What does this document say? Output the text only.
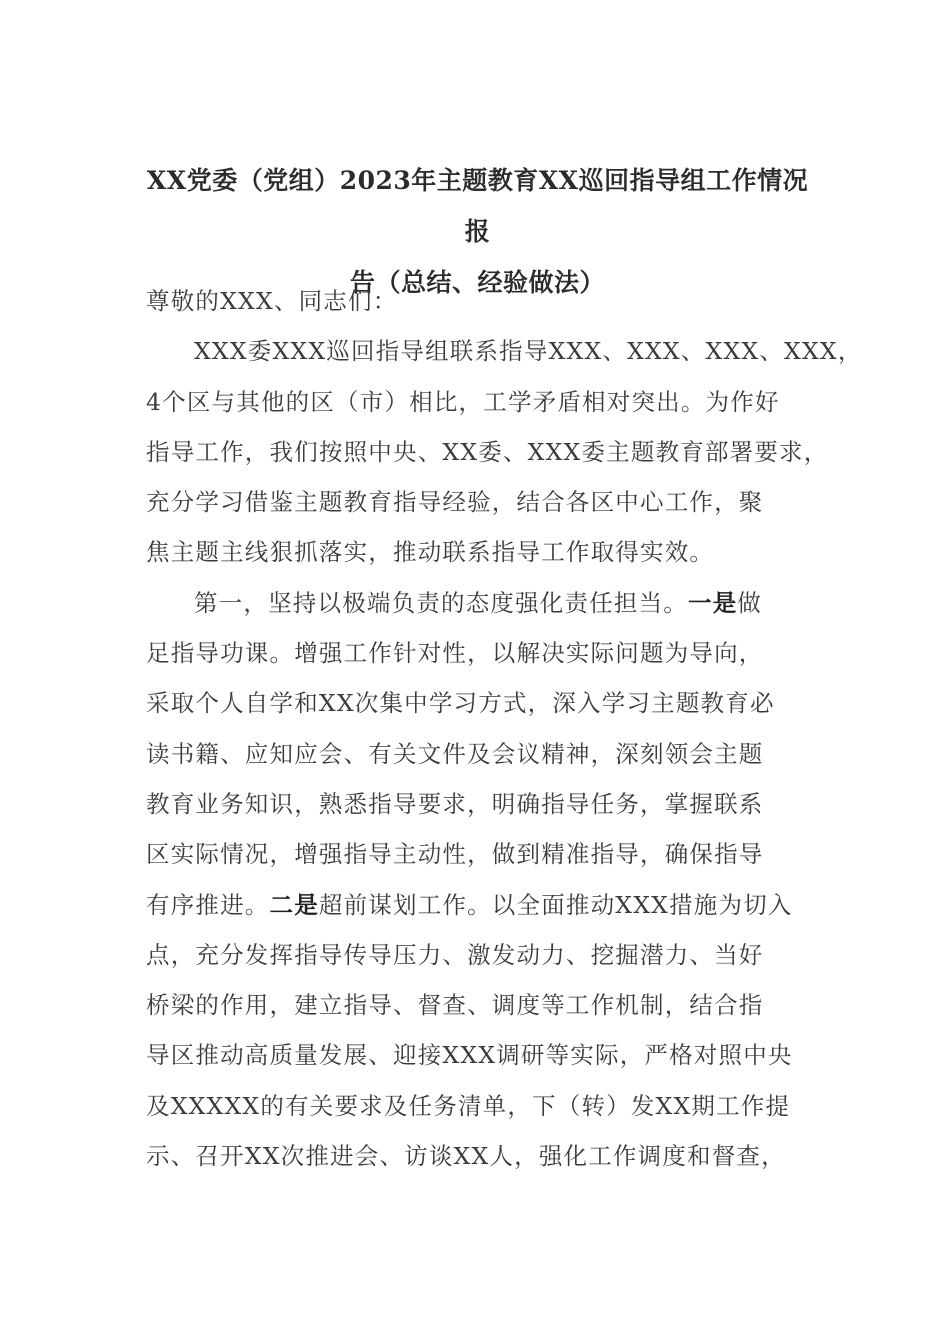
XX党委（党组）2023年主题教育XX巡回指导组工作情况报
告（总结、经验做法）
尊敬的XXX、同志们：
XXX委XXX巡回指导组联系指导XXX、XXX、XXX、XXX，
4个区与其他的区（市）相比，工学矛盾相对突出。为作好
指导工作，我们按照中央、XX委、XXX委主题教育部署要求，
充分学习借鉴主题教育指导经验，结合各区中心工作，聚
焦主题主线狠抓落实，推动联系指导工作取得实效。
第一，坚持以极端负责的态度强化责任担当。一是做
足指导功课。增强工作针对性，以解决实际问题为导向，
采取个人自学和XX次集中学习方式，深入学习主题教育必
读书籍、应知应会、有关文件及会议精神，深刻领会主题
教育业务知识，熟悉指导要求，明确指导任务，掌握联系
区实际情况，增强指导主动性，做到精准指导，确保指导
有序推进。二是超前谋划工作。以全面推动XXX措施为切入
点，充分发挥指导传导压力、激发动力、挖掘潜力、当好
桥梁的作用，建立指导、督查、调度等工作机制，结合指
导区推动高质量发展、迎接XXX调研等实际，严格对照中央
及XXXXX的有关要求及任务清单，下（转）发XX期工作提
示、召开XX次推进会、访谈XX人，强化工作调度和督查，
